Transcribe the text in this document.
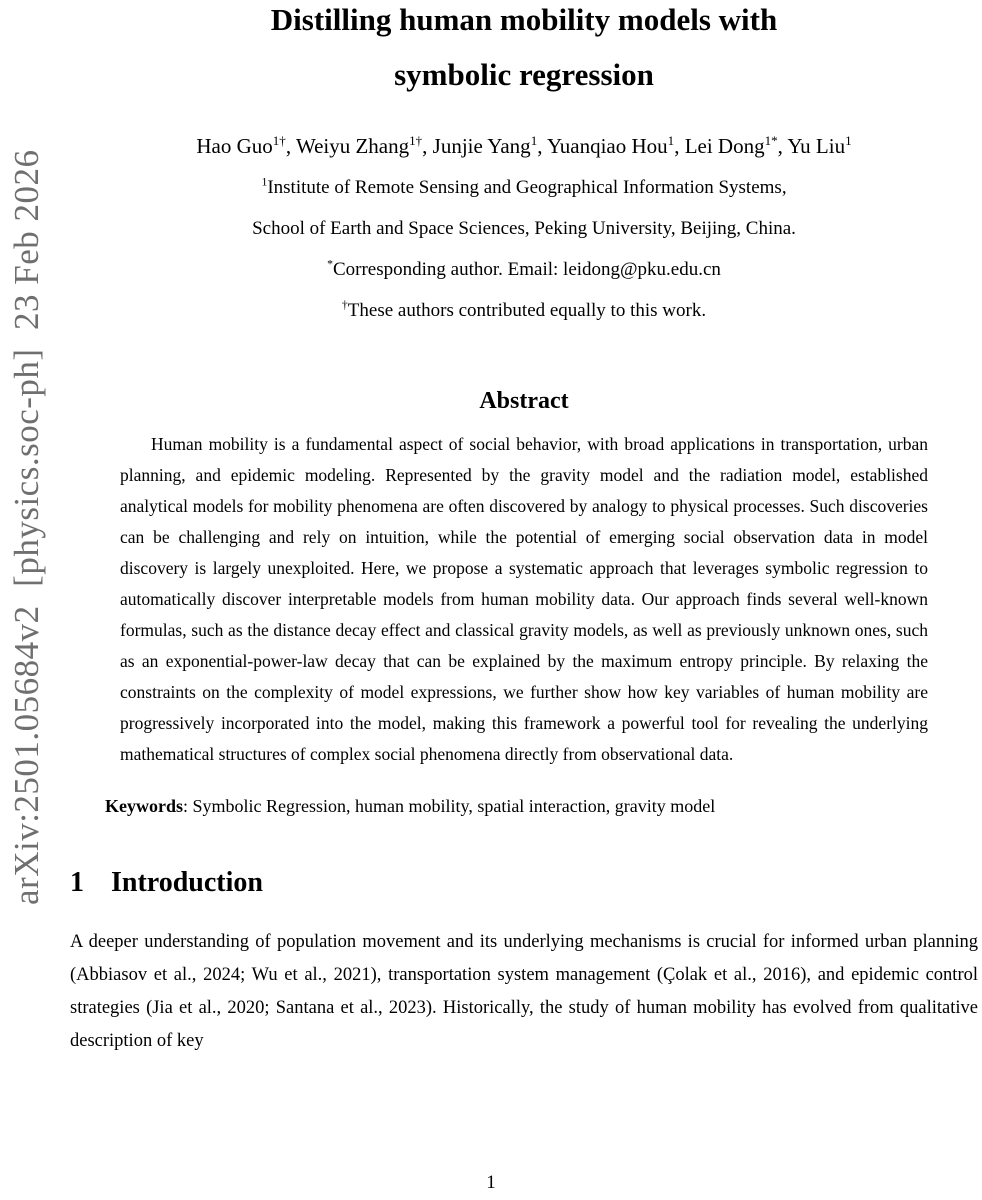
arXiv:2501.05684v2  [physics.soc-ph]  23 Feb 2026
Distilling human mobility models with
symbolic regression
Hao Guo$^{1\dagger}$, Weiyu Zhang$^{1\dagger}$, Junjie Yang$^1$, Yuanqiao Hou$^1$, Lei Dong$^{1*}$, Yu Liu$^1$
$^1$Institute of Remote Sensing and Geographical Information Systems,
School of Earth and Space Sciences, Peking University, Beijing, China.
*Corresponding author. Email: leidong@pku.edu.cn
†These authors contributed equally to this work.
Abstract
Human mobility is a fundamental aspect of social behavior, with broad applications in transportation, urban planning, and epidemic modeling. Represented by the gravity model and the radiation model, established analytical models for mobility phenomena are often discovered by analogy to physical processes. Such discoveries can be challenging and rely on intuition, while the potential of emerging social observation data in model discovery is largely unexploited. Here, we propose a systematic approach that leverages symbolic regression to automatically discover interpretable models from human mobility data. Our approach finds several well-known formulas, such as the distance decay effect and classical gravity models, as well as previously unknown ones, such as an exponential-power-law decay that can be explained by the maximum entropy principle. By relaxing the constraints on the complexity of model expressions, we further show how key variables of human mobility are progressively incorporated into the model, making this framework a powerful tool for revealing the underlying mathematical structures of complex social phenomena directly from observational data.
Keywords: Symbolic Regression, human mobility, spatial interaction, gravity model
1 Introduction
A deeper understanding of population movement and its underlying mechanisms is crucial for informed urban planning (Abbiasov et al., 2024; Wu et al., 2021), transportation system management (Çolak et al., 2016), and epidemic control strategies (Jia et al., 2020; Santana et al., 2023). Historically, the study of human mobility has evolved from qualitative description of key
1
